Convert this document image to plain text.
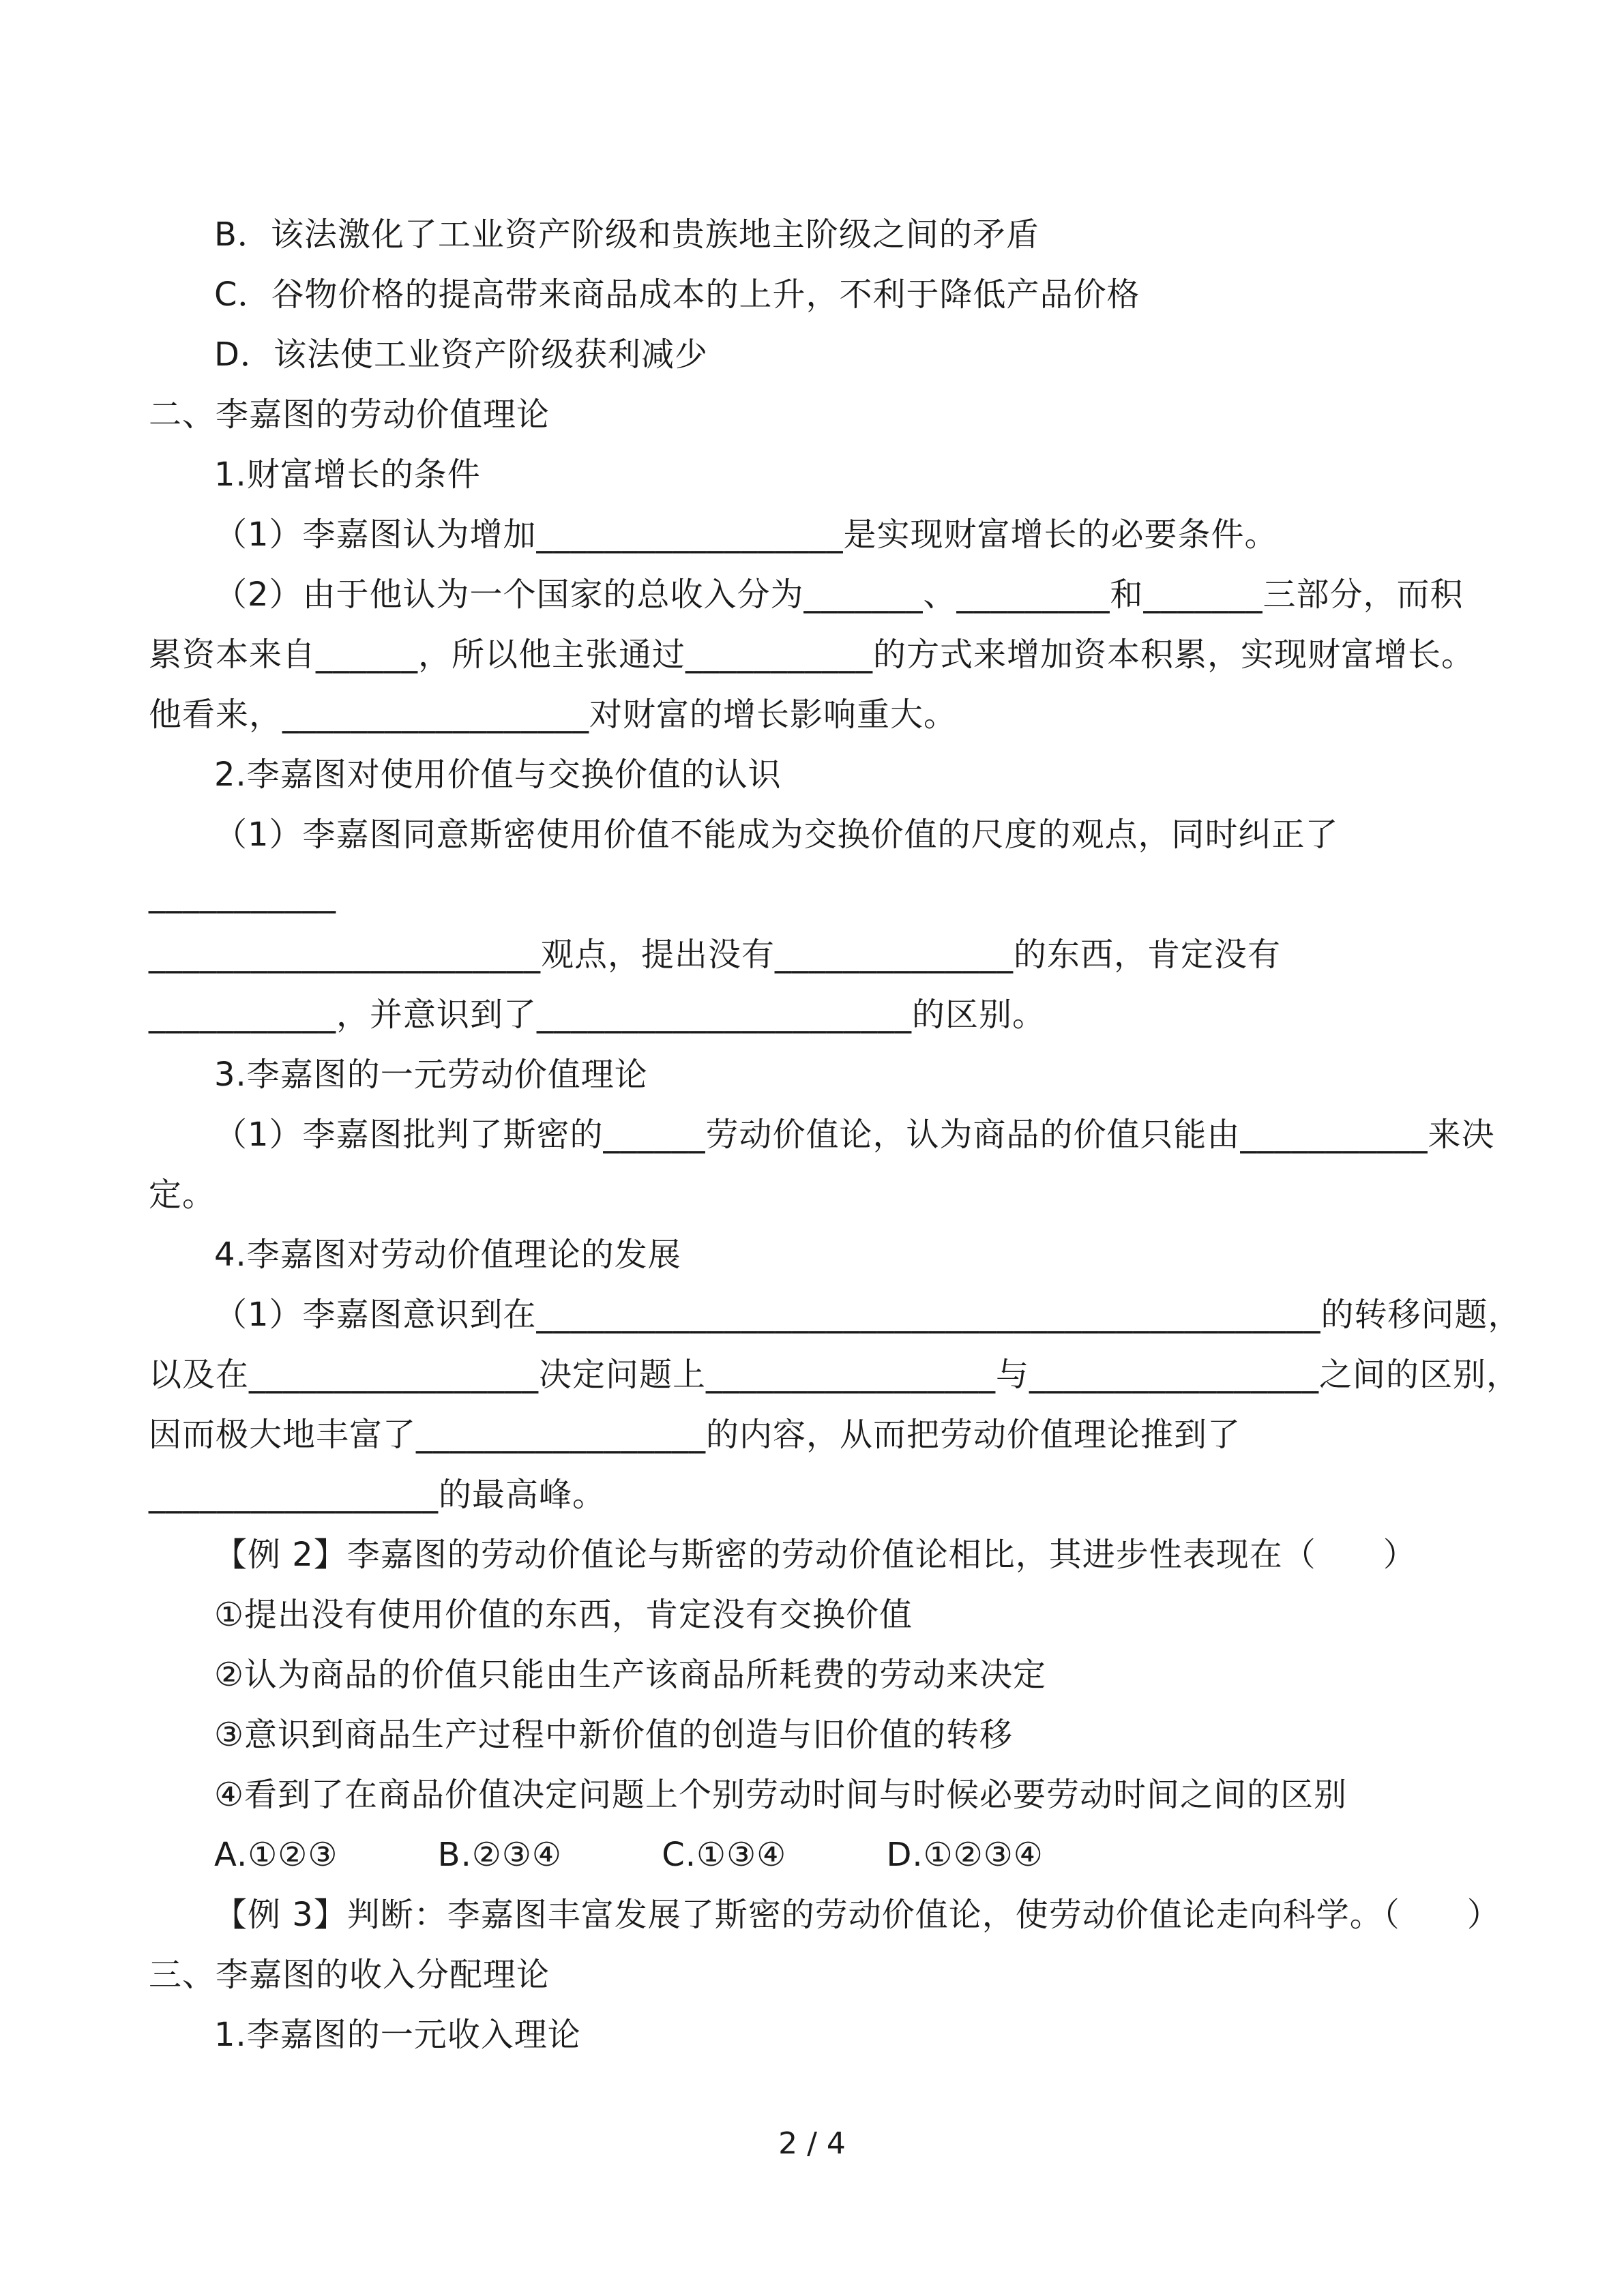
B．该法激化了工业资产阶级和贵族地主阶级之间的矛盾
C．谷物价格的提高带来商品成本的上升，不利于降低产品价格
D．该法使工业资产阶级获利减少
二、李嘉图的劳动价值理论
1.财富增长的条件
（1）李嘉图认为增加__________________是实现财富增长的必要条件。
（2）由于他认为一个国家的总收入分为_______、_________和_______三部分，而积
累资本来自______，所以他主张通过___________的方式来增加资本积累，实现财富增长。
他看来，__________________对财富的增长影响重大。
2.李嘉图对使用价值与交换价值的认识
（1）李嘉图同意斯密使用价值不能成为交换价值的尺度的观点，同时纠正了
___________
_______________________观点，提出没有______________的东西，肯定没有
___________，并意识到了______________________的区别。
3.李嘉图的一元劳动价值理论
（1）李嘉图批判了斯密的______劳动价值论，认为商品的价值只能由___________来决
定。
4.李嘉图对劳动价值理论的发展
（1）李嘉图意识到在______________________________________________的转移问题，
以及在_________________决定问题上_________________与_________________之间的区别，
因而极大地丰富了_________________的内容，从而把劳动价值理论推到了
_________________的最高峰。
【例 2】李嘉图的劳动价值论与斯密的劳动价值论相比，其进步性表现在（　　）
①提出没有使用价值的东西，肯定没有交换价值
②认为商品的价值只能由生产该商品所耗费的劳动来决定
③意识到商品生产过程中新价值的创造与旧价值的转移
④看到了在商品价值决定问题上个别劳动时间与时候必要劳动时间之间的区别
A.①②③         B.②③④         C.①③④         D.①②③④
【例 3】判断：李嘉图丰富发展了斯密的劳动价值论，使劳动价值论走向科学。（　　）
三、李嘉图的收入分配理论
1.李嘉图的一元收入理论
2 / 4
